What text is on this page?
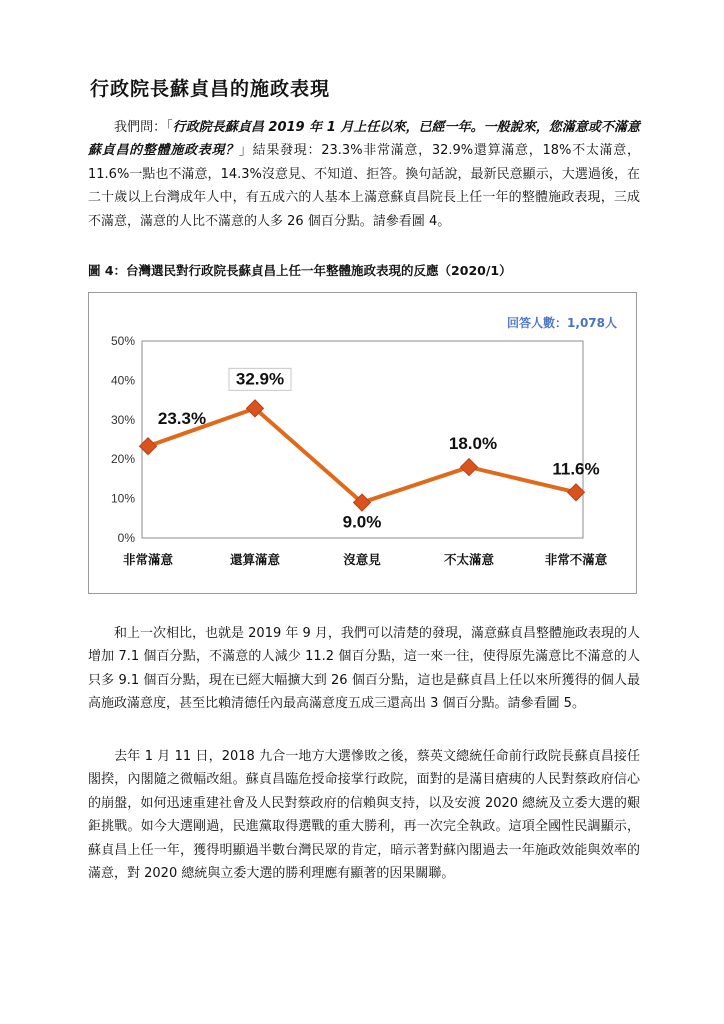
行政院長蘇貞昌的施政表現

我們問：「行政院長蘇貞昌 2019 年 1 月上任以來，已經一年。一般說來，您滿意或不滿意蘇貞昌的整體施政表現？」結果發現：23.3%非常滿意，32.9%還算滿意，18%不太滿意，11.6%一點也不滿意，14.3%沒意見、不知道、拒答。換句話說，最新民意顯示，大選過後，在二十歲以上台灣成年人中，有五成六的人基本上滿意蘇貞昌院長上任一年的整體施政表現，三成不滿意，滿意的人比不滿意的人多 26 個百分點。請參看圖 4。

圖 4：台灣選民對行政院長蘇貞昌上任一年整體施政表現的反應（2020/1）
回答人數：1,078人
0%
10%
20%
30%
40%
50%
非常滿意	還算滿意	沒意見	不太滿意	非常不滿意
23.3%
32.9%
9.0%
18.0%
11.6%

和上一次相比，也就是 2019 年 9 月，我們可以清楚的發現，滿意蘇貞昌整體施政表現的人增加 7.1 個百分點，不滿意的人減少 11.2 個百分點，這一來一往，使得原先滿意比不滿意的人只多 9.1 個百分點，現在已經大幅擴大到 26 個百分點，這也是蘇貞昌上任以來所獲得的個人最高施政滿意度，甚至比賴清德任內最高滿意度五成三還高出 3 個百分點。請參看圖 5。

去年 1 月 11 日，2018 九合一地方大選慘敗之後，蔡英文總統任命前行政院長蘇貞昌接任閣揆，內閣隨之微幅改組。蘇貞昌臨危授命接掌行政院，面對的是滿目瘡痍的人民對蔡政府信心的崩盤，如何迅速重建社會及人民對蔡政府的信賴與支持，以及安渡 2020 總統及立委大選的艱鉅挑戰。如今大選剛過，民進黨取得選戰的重大勝利，再一次完全執政。這項全國性民調顯示，蘇貞昌上任一年，獲得明顯過半數台灣民眾的肯定，暗示著對蘇內閣過去一年施政效能與效率的滿意，對 2020 總統與立委大選的勝利理應有顯著的因果關聯。
